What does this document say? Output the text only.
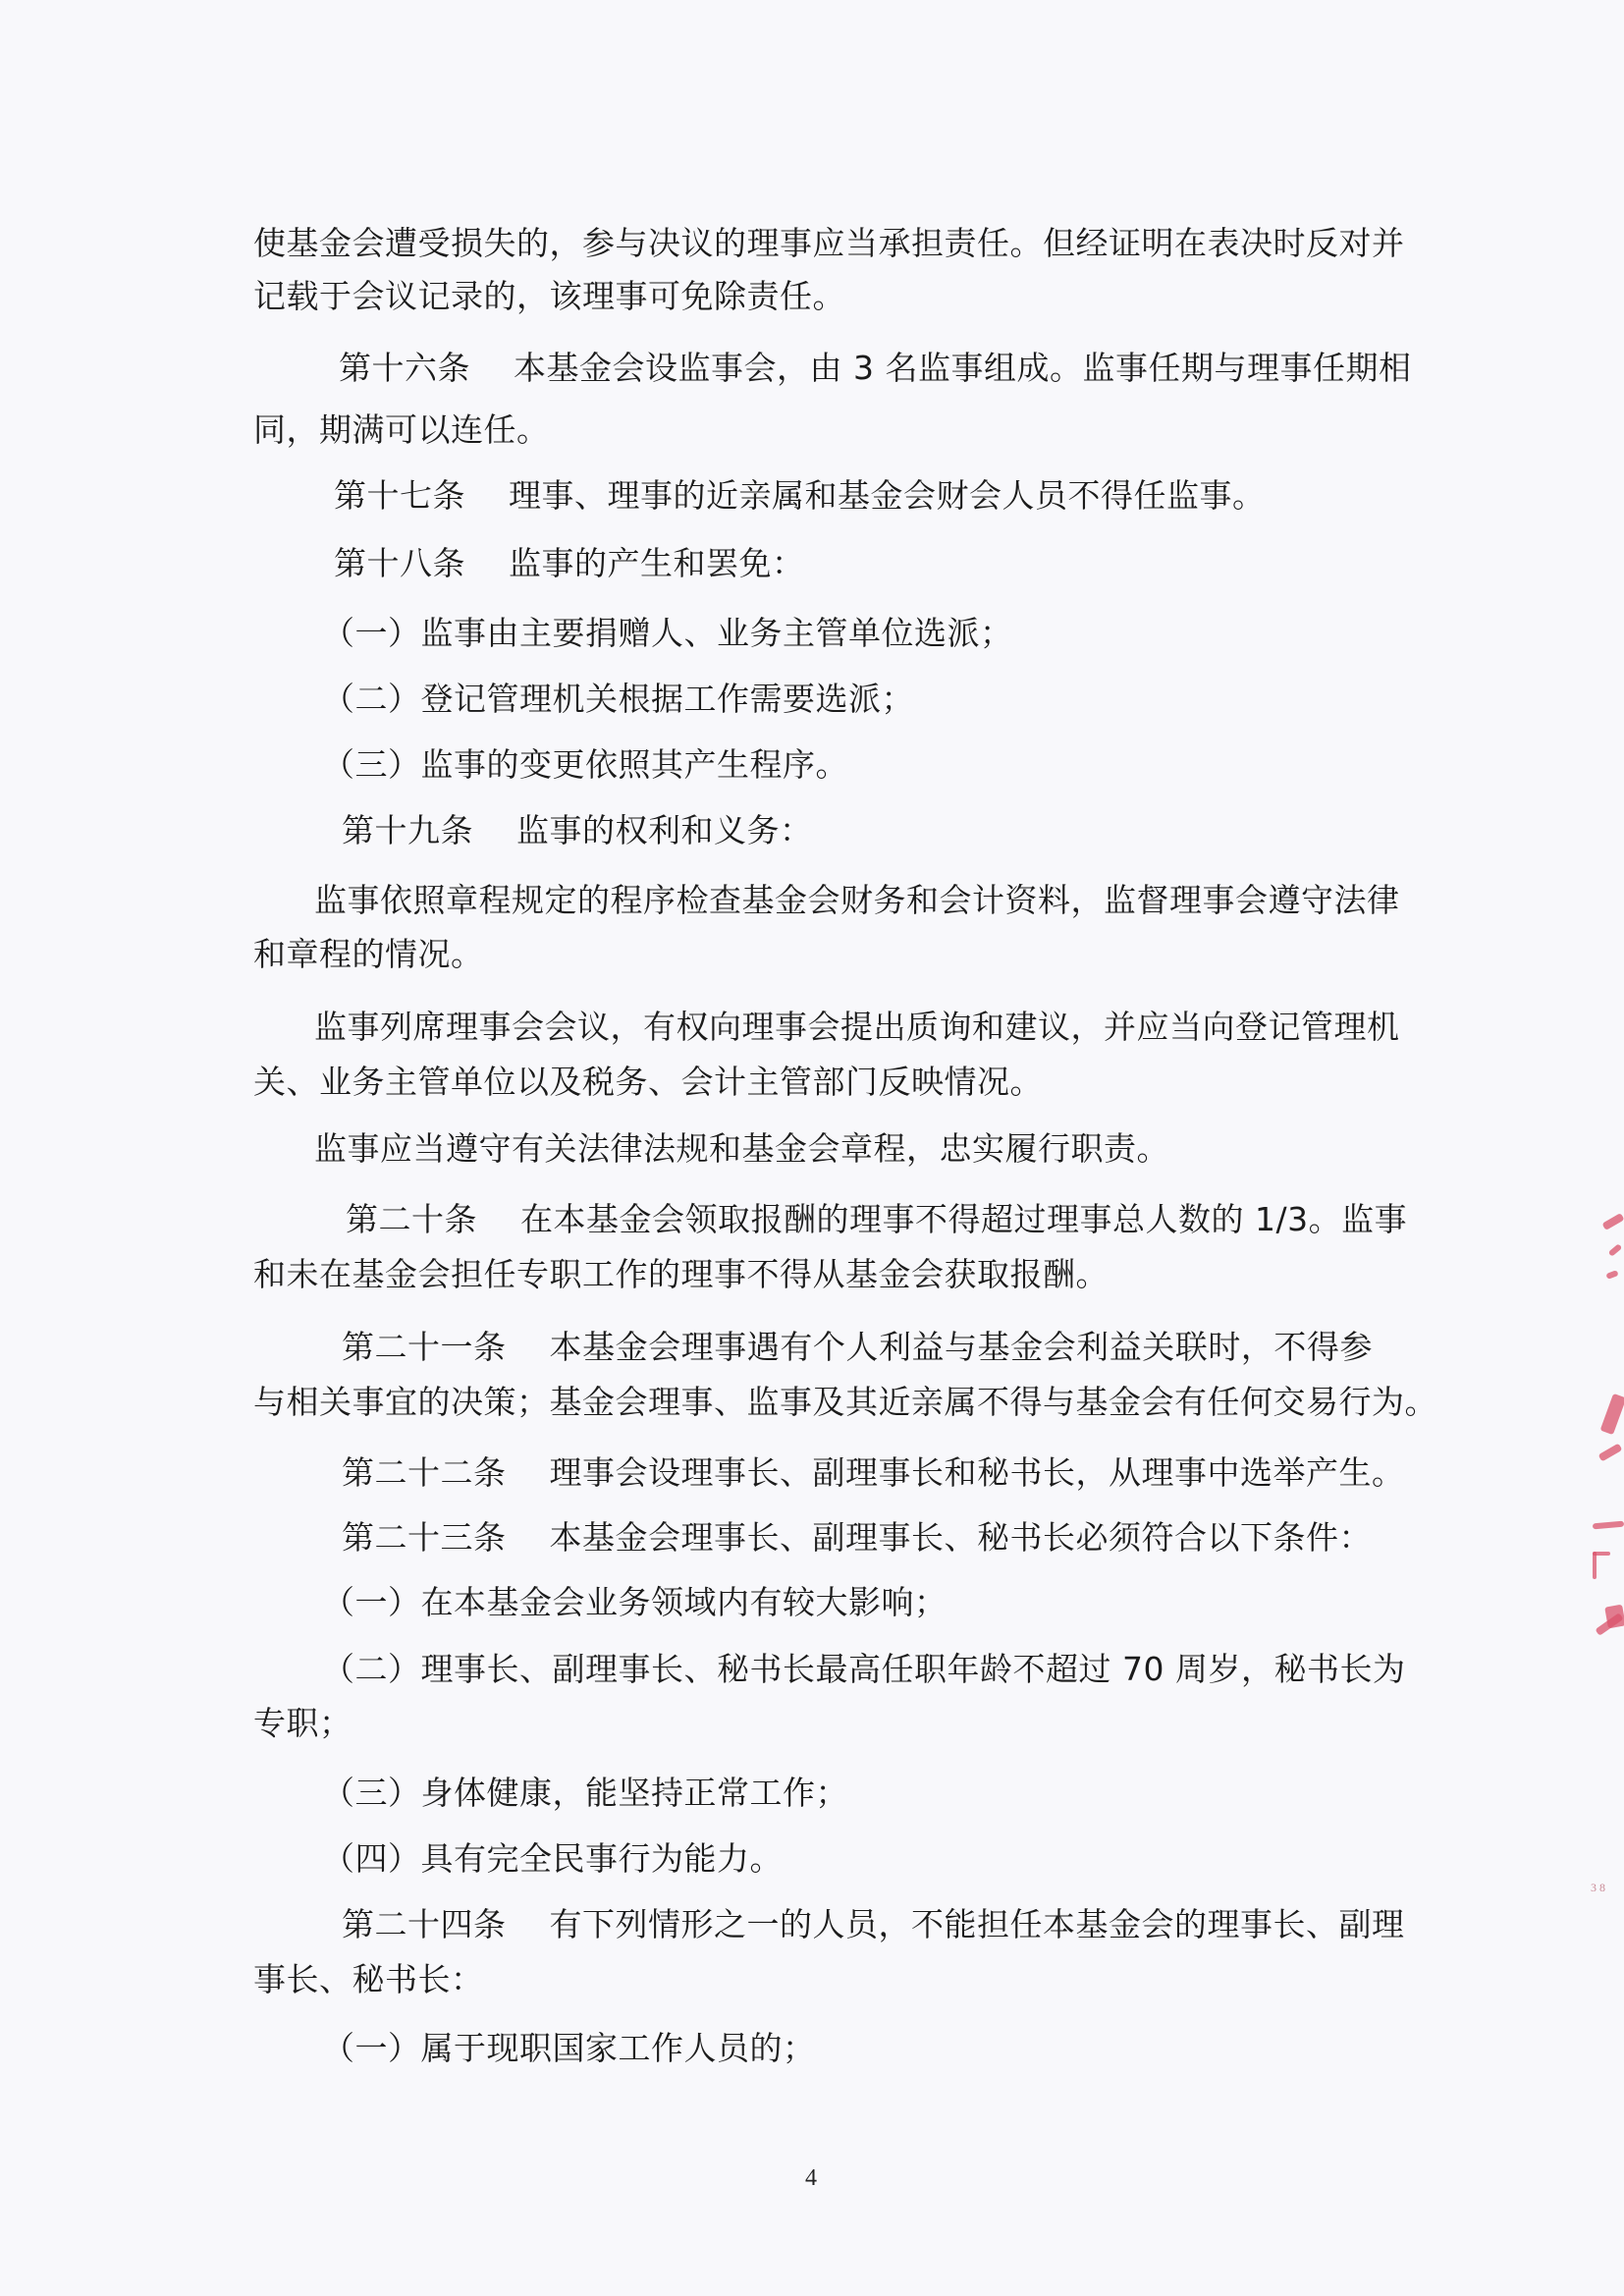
使基金会遭受损失的，参与决议的理事应当承担责任。但经证明在表决时反对并
记载于会议记录的，该理事可免除责任。
第十六条 本基金会设监事会，由 3 名监事组成。监事任期与理事任期相
同，期满可以连任。
第十七条 理事、理事的近亲属和基金会财会人员不得任监事。
第十八条 监事的产生和罢免：
（一）监事由主要捐赠人、业务主管单位选派；
（二）登记管理机关根据工作需要选派；
（三）监事的变更依照其产生程序。
第十九条 监事的权利和义务：
监事依照章程规定的程序检查基金会财务和会计资料，监督理事会遵守法律
和章程的情况。
监事列席理事会会议，有权向理事会提出质询和建议，并应当向登记管理机
关、业务主管单位以及税务、会计主管部门反映情况。
监事应当遵守有关法律法规和基金会章程，忠实履行职责。
第二十条 在本基金会领取报酬的理事不得超过理事总人数的 1/3。监事
和未在基金会担任专职工作的理事不得从基金会获取报酬。
第二十一条 本基金会理事遇有个人利益与基金会利益关联时，不得参
与相关事宜的决策；基金会理事、监事及其近亲属不得与基金会有任何交易行为。
第二十二条 理事会设理事长、副理事长和秘书长，从理事中选举产生。
第二十三条 本基金会理事长、副理事长、秘书长必须符合以下条件：
（一）在本基金会业务领域内有较大影响；
（二）理事长、副理事长、秘书长最高任职年龄不超过 70 周岁，秘书长为
专职；
（三）身体健康，能坚持正常工作；
（四）具有完全民事行为能力。
第二十四条 有下列情形之一的人员，不能担任本基金会的理事长、副理
事长、秘书长：
（一）属于现职国家工作人员的；
4
3 8
